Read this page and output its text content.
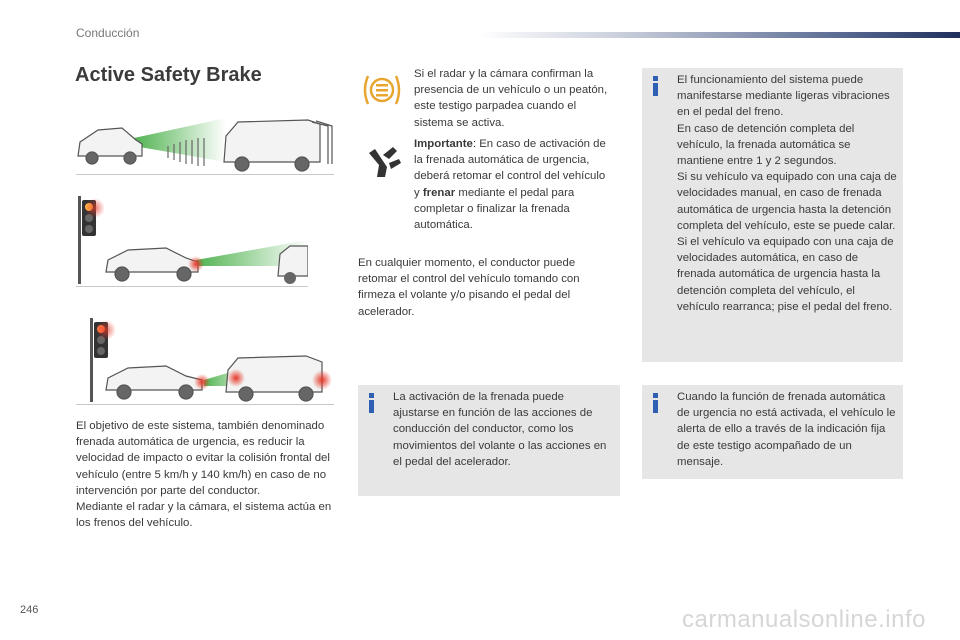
Conducción
Active Safety Brake
El objetivo de este sistema, también denominado frenada automática de urgencia, es reducir la velocidad de impacto o evitar la colisión frontal del vehículo (entre 5 km/h y 140 km/h) en caso de no intervención por parte del conductor.
Mediante el radar y la cámara, el sistema actúa en los frenos del vehículo.
Si el radar y la cámara confirman la presencia de un vehículo o un peatón, este testigo parpadea cuando el sistema se activa.
Importante: En caso de activación de la frenada automática de urgencia, deberá retomar el control del vehículo y frenar mediante el pedal para completar o finalizar la frenada automática.
En cualquier momento, el conductor puede retomar el control del vehículo tomando con firmeza el volante y/o pisando el pedal del acelerador.
La activación de la frenada puede ajustarse en función de las acciones de conducción del conductor, como los movimientos del volante o las acciones en el pedal del acelerador.
El funcionamiento del sistema puede manifestarse mediante ligeras vibraciones en el pedal del freno.
En caso de detención completa del vehículo, la frenada automática se mantiene entre 1 y 2 segundos.
Si su vehículo va equipado con una caja de velocidades manual, en caso de frenada automática de urgencia hasta la detención completa del vehículo, este se puede calar.
Si el vehículo va equipado con una caja de velocidades automática, en caso de frenada automática de urgencia hasta la detención completa del vehículo, el vehículo rearranca; pise el pedal del freno.
Cuando la función de frenada automática de urgencia no está activada, el vehículo le alerta de ello a través de la indicación fija de este testigo acompañado de un mensaje.
246	carmanualsonline.info
